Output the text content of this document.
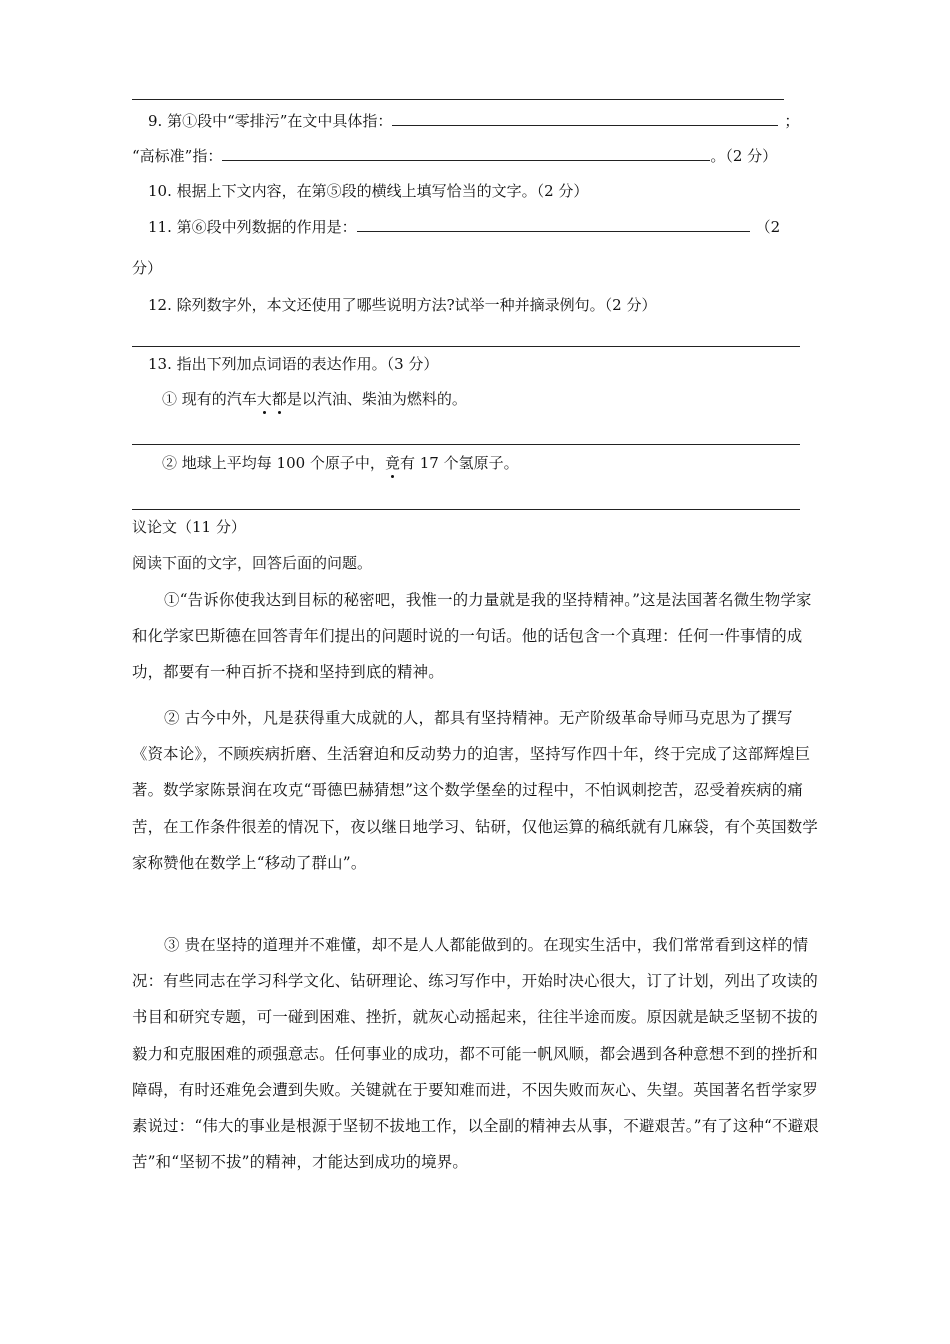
9. 第①段中“零排污”在文中具体指：	；
“高标准”指：	。（2 分）
10. 根据上下文内容，在第⑤段的横线上填写恰当的文字。（2 分）
11. 第⑥段中列数据的作用是：	（2
分）
12. 除列数字外，本文还使用了哪些说明方法?试举一种并摘录例句。（2 分）
13. 指出下列加点词语的表达作用。（3 分）
① 现有的汽车大都是以汽油、柴油为燃料的。
② 地球上平均每 100 个原子中，竟有 17 个氢原子。
议论文（11 分）
阅读下面的文字，回答后面的问题。
①“告诉你使我达到目标的秘密吧，我惟一的力量就是我的坚持精神。”这是法国著名微生物学家和化学家巴斯德在回答青年们提出的问题时说的一句话。他的话包含一个真理：任何一件事情的成功，都要有一种百折不挠和坚持到底的精神。
② 古今中外，凡是获得重大成就的人，都具有坚持精神。无产阶级革命导师马克思为了撰写《资本论》，不顾疾病折磨、生活窘迫和反动势力的迫害，坚持写作四十年，终于完成了这部辉煌巨著。数学家陈景润在攻克“哥德巴赫猜想”这个数学堡垒的过程中，不怕讽刺挖苦，忍受着疾病的痛苦，在工作条件很差的情况下，夜以继日地学习、钻研，仅他运算的稿纸就有几麻袋，有个英国数学家称赞他在数学上“移动了群山”。
③ 贵在坚持的道理并不难懂，却不是人人都能做到的。在现实生活中，我们常常看到这样的情况：有些同志在学习科学文化、钻研理论、练习写作中，开始时决心很大，订了计划，列出了攻读的书目和研究专题，可一碰到困难、挫折，就灰心动摇起来，往往半途而废。原因就是缺乏坚韧不拔的毅力和克服困难的顽强意志。任何事业的成功，都不可能一帆风顺，都会遇到各种意想不到的挫折和障碍，有时还难免会遭到失败。关键就在于要知难而进，不因失败而灰心、失望。英国著名哲学家罗素说过：“伟大的事业是根源于坚韧不拔地工作，以全副的精神去从事，不避艰苦。”有了这种“不避艰苦”和“坚韧不拔”的精神，才能达到成功的境界。
